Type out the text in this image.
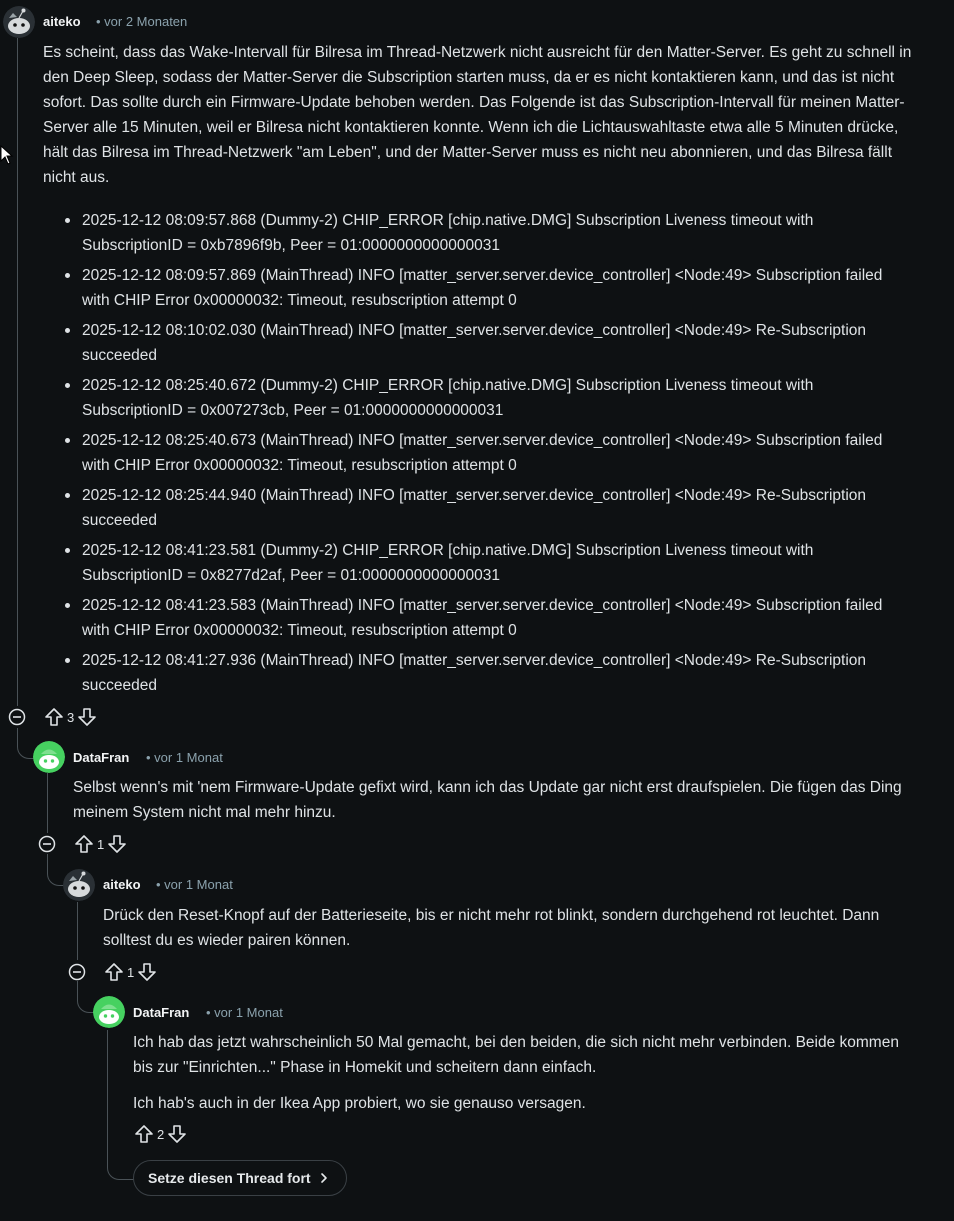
aiteko • vor 2 Monaten

Es scheint, dass das Wake-Intervall für Bilresa im Thread-Netzwerk nicht ausreicht für den Matter-Server. Es geht zu schnell in den Deep Sleep, sodass der Matter-Server die Subscription starten muss, da er es nicht kontaktieren kann, und das ist nicht sofort. Das sollte durch ein Firmware-Update behoben werden. Das Folgende ist das Subscription-Intervall für meinen Matter-Server alle 15 Minuten, weil er Bilresa nicht kontaktieren konnte. Wenn ich die Lichtauswahltaste etwa alle 5 Minuten drücke, hält das Bilresa im Thread-Netzwerk "am Leben", und der Matter-Server muss es nicht neu abonnieren, und das Bilresa fällt nicht aus.

2025-12-12 08:09:57.868 (Dummy-2) CHIP_ERROR [chip.native.DMG] Subscription Liveness timeout with SubscriptionID = 0xb7896f9b, Peer = 01:0000000000000031
2025-12-12 08:09:57.869 (MainThread) INFO [matter_server.server.device_controller] <Node:49> Subscription failed with CHIP Error 0x00000032: Timeout, resubscription attempt 0
2025-12-12 08:10:02.030 (MainThread) INFO [matter_server.server.device_controller] <Node:49> Re-Subscription succeeded
2025-12-12 08:25:40.672 (Dummy-2) CHIP_ERROR [chip.native.DMG] Subscription Liveness timeout with SubscriptionID = 0x007273cb, Peer = 01:0000000000000031
2025-12-12 08:25:40.673 (MainThread) INFO [matter_server.server.device_controller] <Node:49> Subscription failed with CHIP Error 0x00000032: Timeout, resubscription attempt 0
2025-12-12 08:25:44.940 (MainThread) INFO [matter_server.server.device_controller] <Node:49> Re-Subscription succeeded
2025-12-12 08:41:23.581 (Dummy-2) CHIP_ERROR [chip.native.DMG] Subscription Liveness timeout with SubscriptionID = 0x8277d2af, Peer = 01:0000000000000031
2025-12-12 08:41:23.583 (MainThread) INFO [matter_server.server.device_controller] <Node:49> Subscription failed with CHIP Error 0x00000032: Timeout, resubscription attempt 0
2025-12-12 08:41:27.936 (MainThread) INFO [matter_server.server.device_controller] <Node:49> Re-Subscription succeeded
3
DataFran • vor 1 Monat

Selbst wenn's mit 'nem Firmware-Update gefixt wird, kann ich das Update gar nicht erst draufspielen. Die fügen das Ding meinem System nicht mal mehr hinzu.

1
aiteko • vor 1 Monat

Drück den Reset-Knopf auf der Batterieseite, bis er nicht mehr rot blinkt, sondern durchgehend rot leuchtet. Dann solltest du es wieder pairen können.

1
DataFran • vor 1 Monat

Ich hab das jetzt wahrscheinlich 50 Mal gemacht, bei den beiden, die sich nicht mehr verbinden. Beide kommen bis zur "Einrichten..." Phase in Homekit und scheitern dann einfach.

Ich hab's auch in der Ikea App probiert, wo sie genauso versagen.

2
Setze diesen Thread fort
